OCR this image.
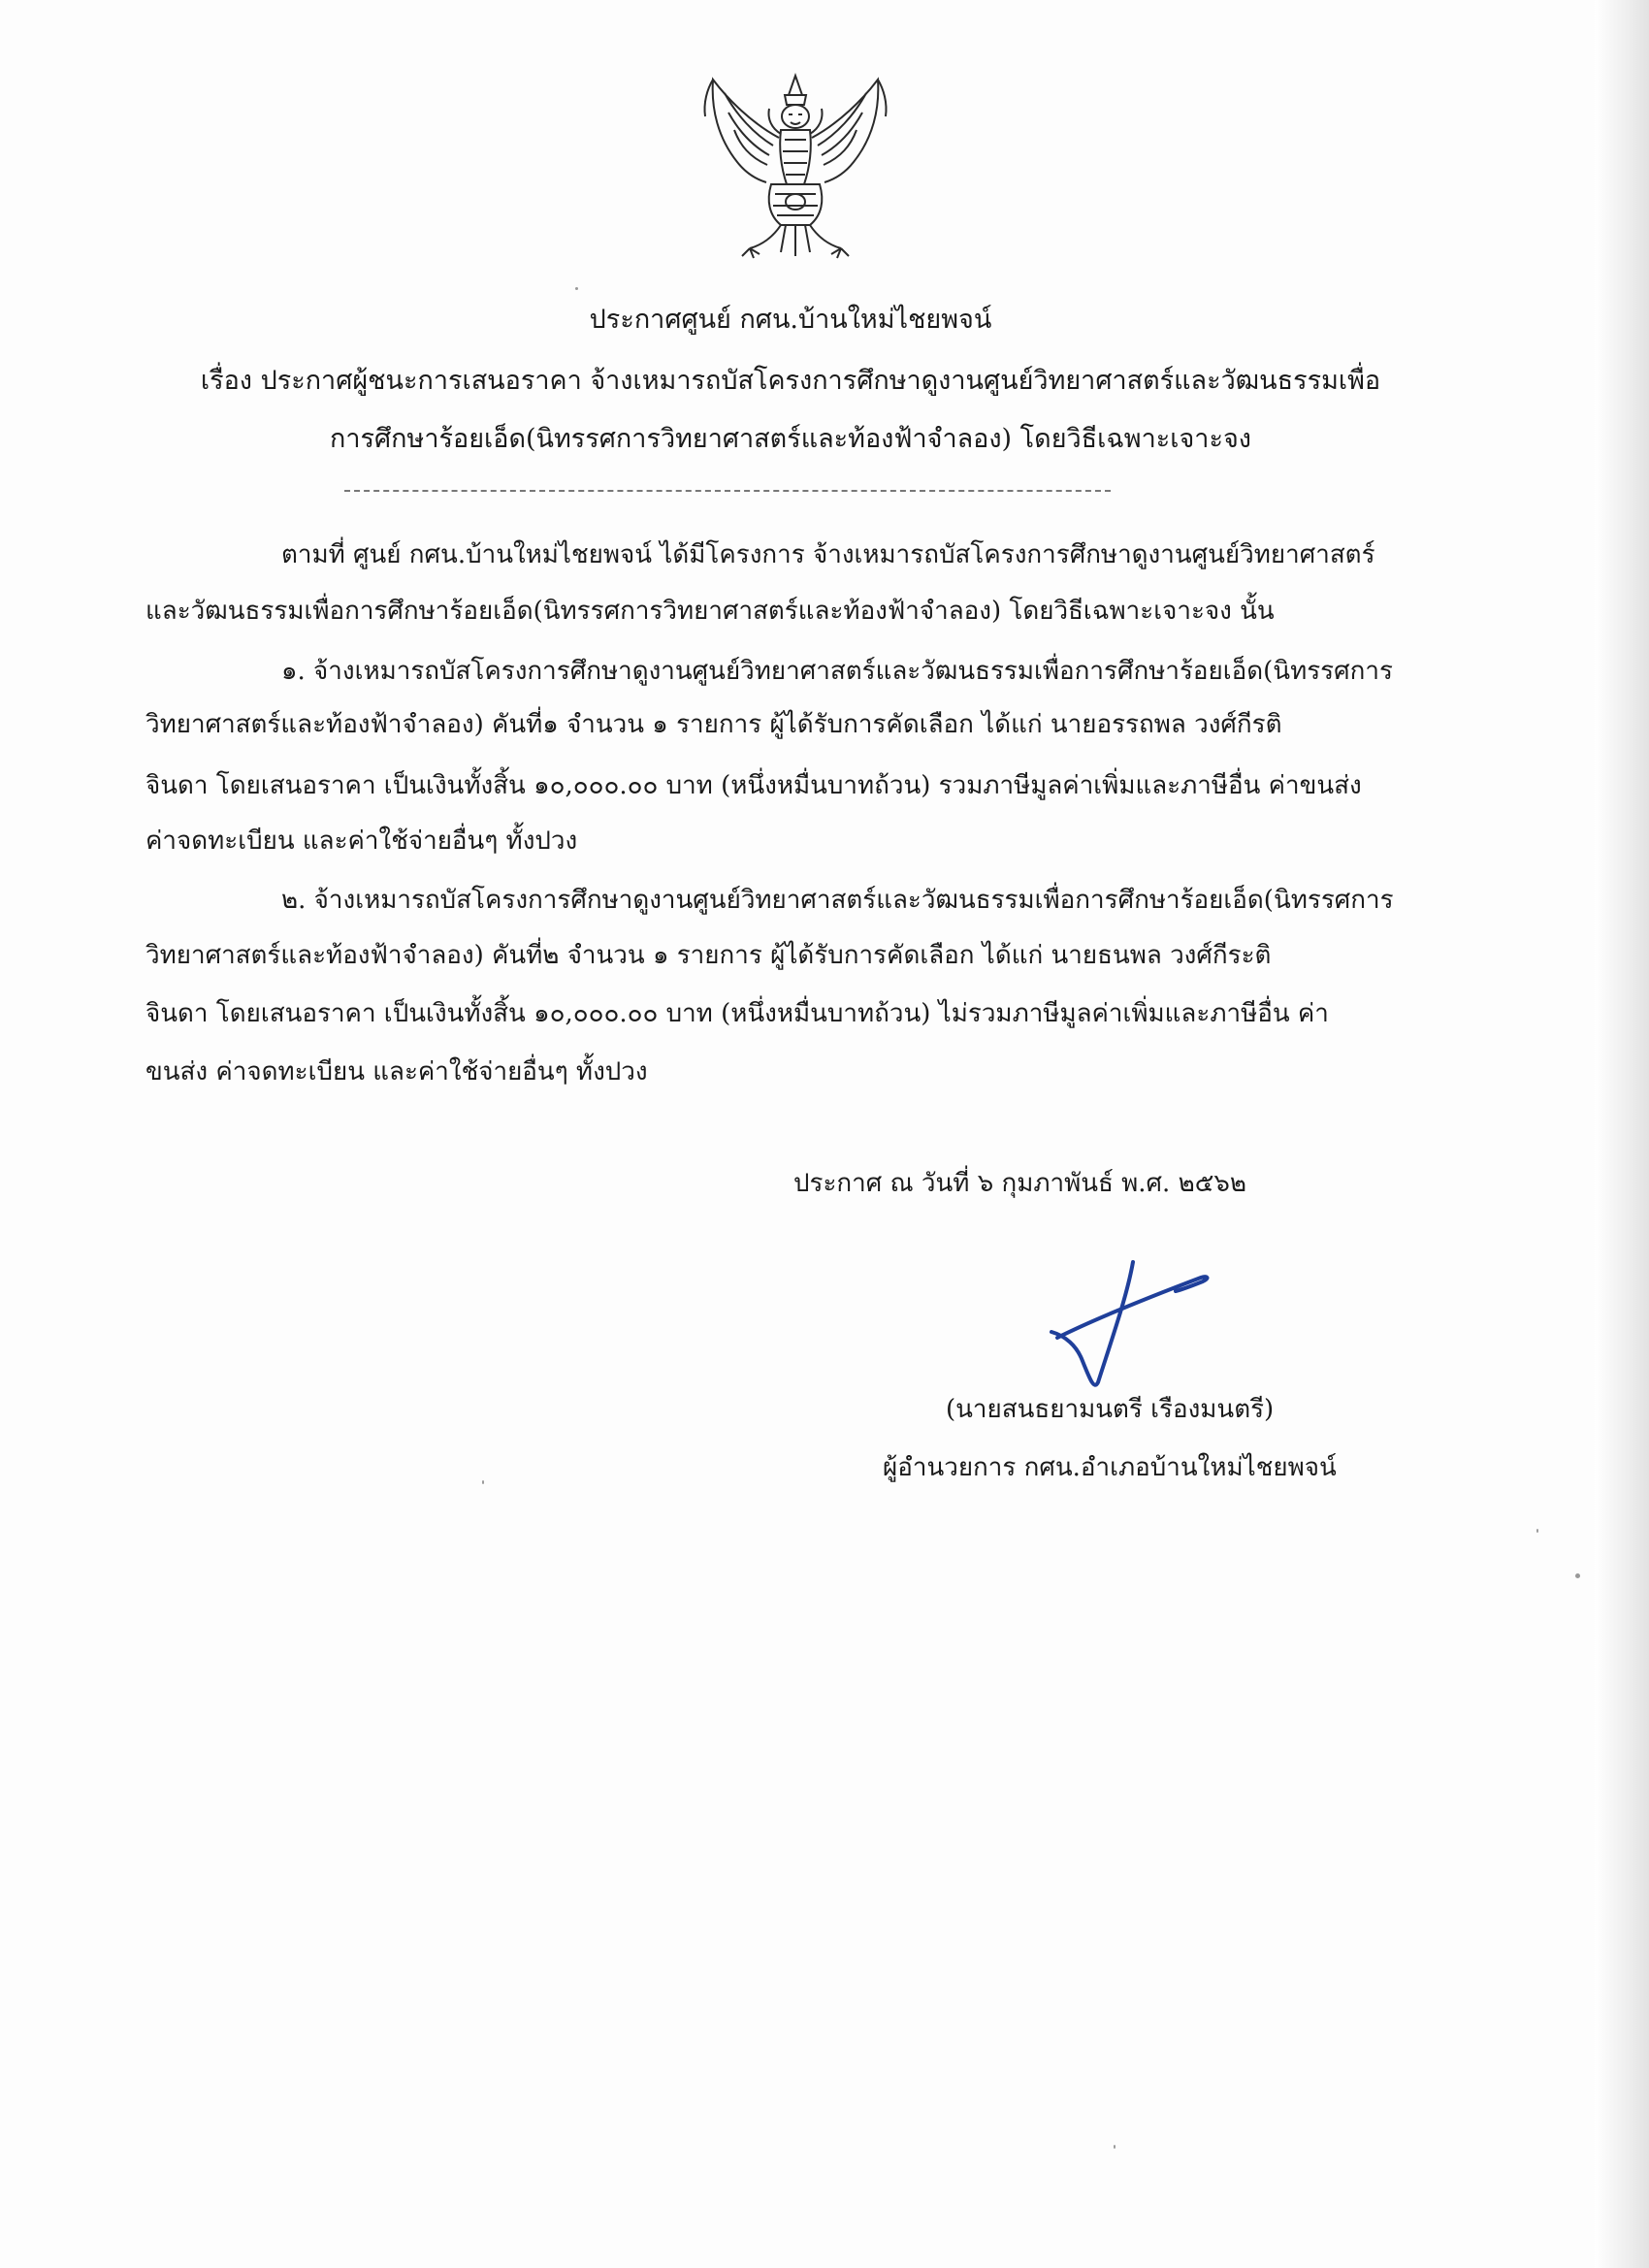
ประกาศศูนย์ กศน.บ้านใหม่ไชยพจน์
เรื่อง ประกาศผู้ชนะการเสนอราคา จ้างเหมารถบัสโครงการศึกษาดูงานศูนย์วิทยาศาสตร์และวัฒนธรรมเพื่อ
การศึกษาร้อยเอ็ด(นิทรรศการวิทยาศาสตร์และท้องฟ้าจำลอง) โดยวิธีเฉพาะเจาะจง
ตามที่ ศูนย์ กศน.บ้านใหม่ไชยพจน์ ได้มีโครงการ จ้างเหมารถบัสโครงการศึกษาดูงานศูนย์วิทยาศาสตร์
และวัฒนธรรมเพื่อการศึกษาร้อยเอ็ด(นิทรรศการวิทยาศาสตร์และท้องฟ้าจำลอง) โดยวิธีเฉพาะเจาะจง นั้น
๑. จ้างเหมารถบัสโครงการศึกษาดูงานศูนย์วิทยาศาสตร์และวัฒนธรรมเพื่อการศึกษาร้อยเอ็ด(นิทรรศการ
วิทยาศาสตร์และท้องฟ้าจำลอง) คันที่๑ จำนวน ๑ รายการ ผู้ได้รับการคัดเลือก ได้แก่ นายอรรถพล วงศ์กีรติ
จินดา โดยเสนอราคา เป็นเงินทั้งสิ้น ๑๐,๐๐๐.๐๐ บาท (หนึ่งหมื่นบาทถ้วน) รวมภาษีมูลค่าเพิ่มและภาษีอื่น ค่าขนส่ง
ค่าจดทะเบียน และค่าใช้จ่ายอื่นๆ ทั้งปวง
๒. จ้างเหมารถบัสโครงการศึกษาดูงานศูนย์วิทยาศาสตร์และวัฒนธรรมเพื่อการศึกษาร้อยเอ็ด(นิทรรศการ
วิทยาศาสตร์และท้องฟ้าจำลอง) คันที่๒ จำนวน ๑ รายการ ผู้ได้รับการคัดเลือก ได้แก่ นายธนพล วงศ์กีระติ
จินดา โดยเสนอราคา เป็นเงินทั้งสิ้น ๑๐,๐๐๐.๐๐ บาท (หนึ่งหมื่นบาทถ้วน) ไม่รวมภาษีมูลค่าเพิ่มและภาษีอื่น ค่า
ขนส่ง ค่าจดทะเบียน และค่าใช้จ่ายอื่นๆ ทั้งปวง
ประกาศ ณ วันที่ ๖ กุมภาพันธ์ พ.ศ. ๒๕๖๒
(นายสนธยามนตรี เรืองมนตรี)
ผู้อำนวยการ กศน.อำเภอบ้านใหม่ไชยพจน์
